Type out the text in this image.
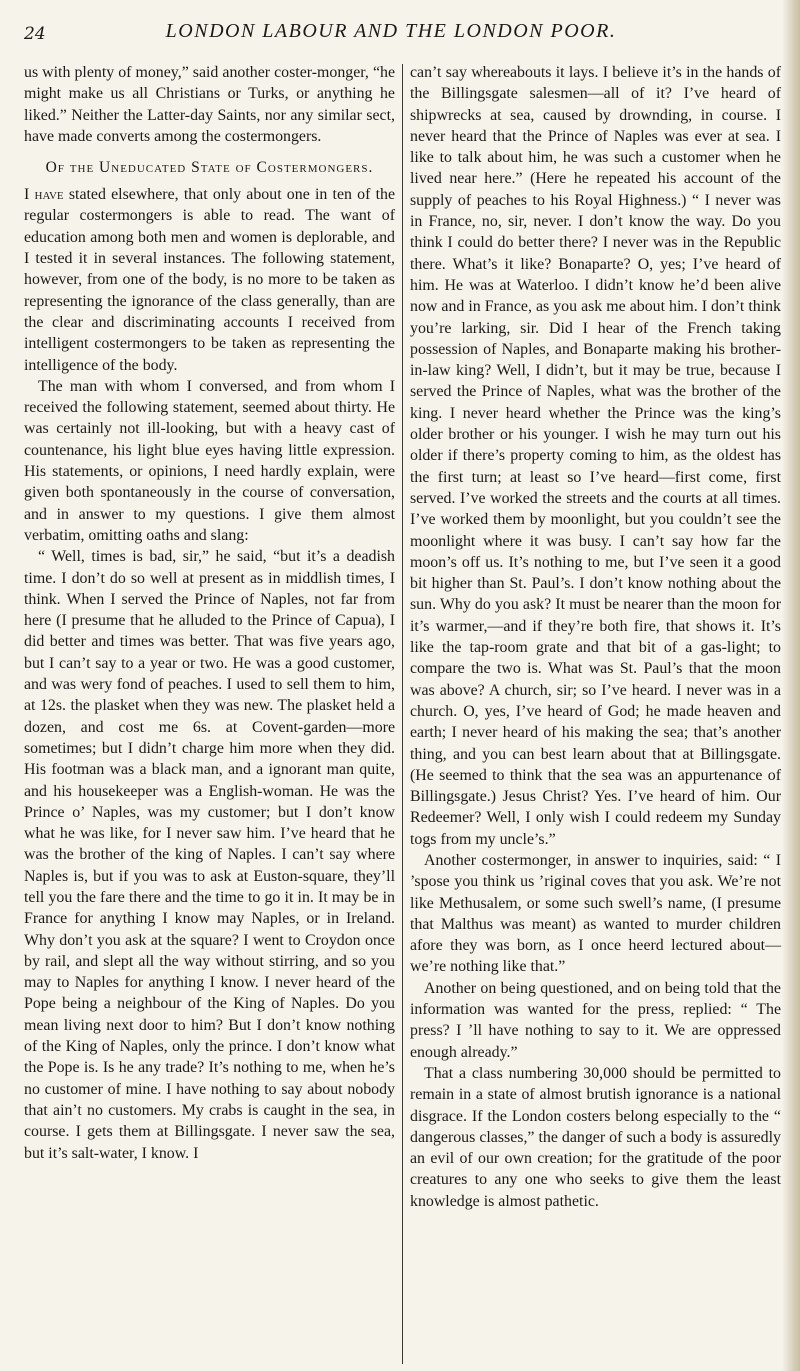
24	LONDON LABOUR AND THE LONDON POOR.

us with plenty of money,” said another coster-monger, “he might make us all Christians or Turks, or anything he liked.” Neither the Latter-day Saints, nor any similar sect, have made converts among the costermongers.

Of the Uneducated State of Costermongers.

I have stated elsewhere, that only about one in ten of the regular costermongers is able to read. The want of education among both men and women is deplorable, and I tested it in several instances. The following statement, however, from one of the body, is no more to be taken as representing the ignorance of the class generally, than are the clear and discriminating accounts I received from intelligent costermongers to be taken as representing the intelligence of the body.

The man with whom I conversed, and from whom I received the following statement, seemed about thirty. He was certainly not ill-looking, but with a heavy cast of countenance, his light blue eyes having little expression. His statements, or opinions, I need hardly explain, were given both spontaneously in the course of conversation, and in answer to my questions. I give them almost verbatim, omitting oaths and slang:

“ Well, times is bad, sir,” he said, “but it’s a deadish time. I don’t do so well at present as in middlish times, I think. When I served the Prince of Naples, not far from here (I presume that he alluded to the Prince of Capua), I did better and times was better. That was five years ago, but I can’t say to a year or two. He was a good customer, and was wery fond of peaches. I used to sell them to him, at 12s. the plasket when they was new. The plasket held a dozen, and cost me 6s. at Covent-garden—more sometimes; but I didn’t charge him more when they did. His footman was a black man, and a ignorant man quite, and his housekeeper was a English-woman. He was the Prince o’ Naples, was my customer; but I don’t know what he was like, for I never saw him. I’ve heard that he was the brother of the king of Naples. I can’t say where Naples is, but if you was to ask at Euston-square, they’ll tell you the fare there and the time to go it in. It may be in France for anything I know may Naples, or in Ireland. Why don’t you ask at the square? I went to Croydon once by rail, and slept all the way without stirring, and so you may to Naples for anything I know. I never heard of the Pope being a neighbour of the King of Naples. Do you mean living next door to him? But I don’t know nothing of the King of Naples, only the prince. I don’t know what the Pope is. Is he any trade? It’s nothing to me, when he’s no customer of mine. I have nothing to say about nobody that ain’t no customers. My crabs is caught in the sea, in course. I gets them at Billingsgate. I never saw the sea, but it’s salt-water, I know. I

can’t say whereabouts it lays. I believe it’s in the hands of the Billingsgate salesmen—all of it? I’ve heard of shipwrecks at sea, caused by drownding, in course. I never heard that the Prince of Naples was ever at sea. I like to talk about him, he was such a customer when he lived near here.” (Here he repeated his account of the supply of peaches to his Royal Highness.) “ I never was in France, no, sir, never. I don’t know the way. Do you think I could do better there? I never was in the Republic there. What’s it like? Bonaparte? O, yes; I’ve heard of him. He was at Waterloo. I didn’t know he’d been alive now and in France, as you ask me about him. I don’t think you’re larking, sir. Did I hear of the French taking possession of Naples, and Bonaparte making his brother-in-law king? Well, I didn’t, but it may be true, because I served the Prince of Naples, what was the brother of the king. I never heard whether the Prince was the king’s older brother or his younger. I wish he may turn out his older if there’s property coming to him, as the oldest has the first turn; at least so I’ve heard—first come, first served. I’ve worked the streets and the courts at all times. I’ve worked them by moonlight, but you couldn’t see the moonlight where it was busy. I can’t say how far the moon’s off us. It’s nothing to me, but I’ve seen it a good bit higher than St. Paul’s. I don’t know nothing about the sun. Why do you ask? It must be nearer than the moon for it’s warmer,—and if they’re both fire, that shows it. It’s like the tap-room grate and that bit of a gas-light; to compare the two is. What was St. Paul’s that the moon was above? A church, sir; so I’ve heard. I never was in a church. O, yes, I’ve heard of God; he made heaven and earth; I never heard of his making the sea; that’s another thing, and you can best learn about that at Billingsgate. (He seemed to think that the sea was an appurtenance of Billingsgate.) Jesus Christ? Yes. I’ve heard of him. Our Redeemer? Well, I only wish I could redeem my Sunday togs from my uncle’s.”

Another costermonger, in answer to inquiries, said: “ I ’spose you think us ’riginal coves that you ask. We’re not like Methusalem, or some such swell’s name, (I presume that Malthus was meant) as wanted to murder children afore they was born, as I once heerd lectured about—we’re nothing like that.”

Another on being questioned, and on being told that the information was wanted for the press, replied: “ The press? I ’ll have nothing to say to it. We are oppressed enough already.”

That a class numbering 30,000 should be permitted to remain in a state of almost brutish ignorance is a national disgrace. If the London costers belong especially to the “ dangerous classes,” the danger of such a body is assuredly an evil of our own creation; for the gratitude of the poor creatures to any one who seeks to give them the least knowledge is almost pathetic.
